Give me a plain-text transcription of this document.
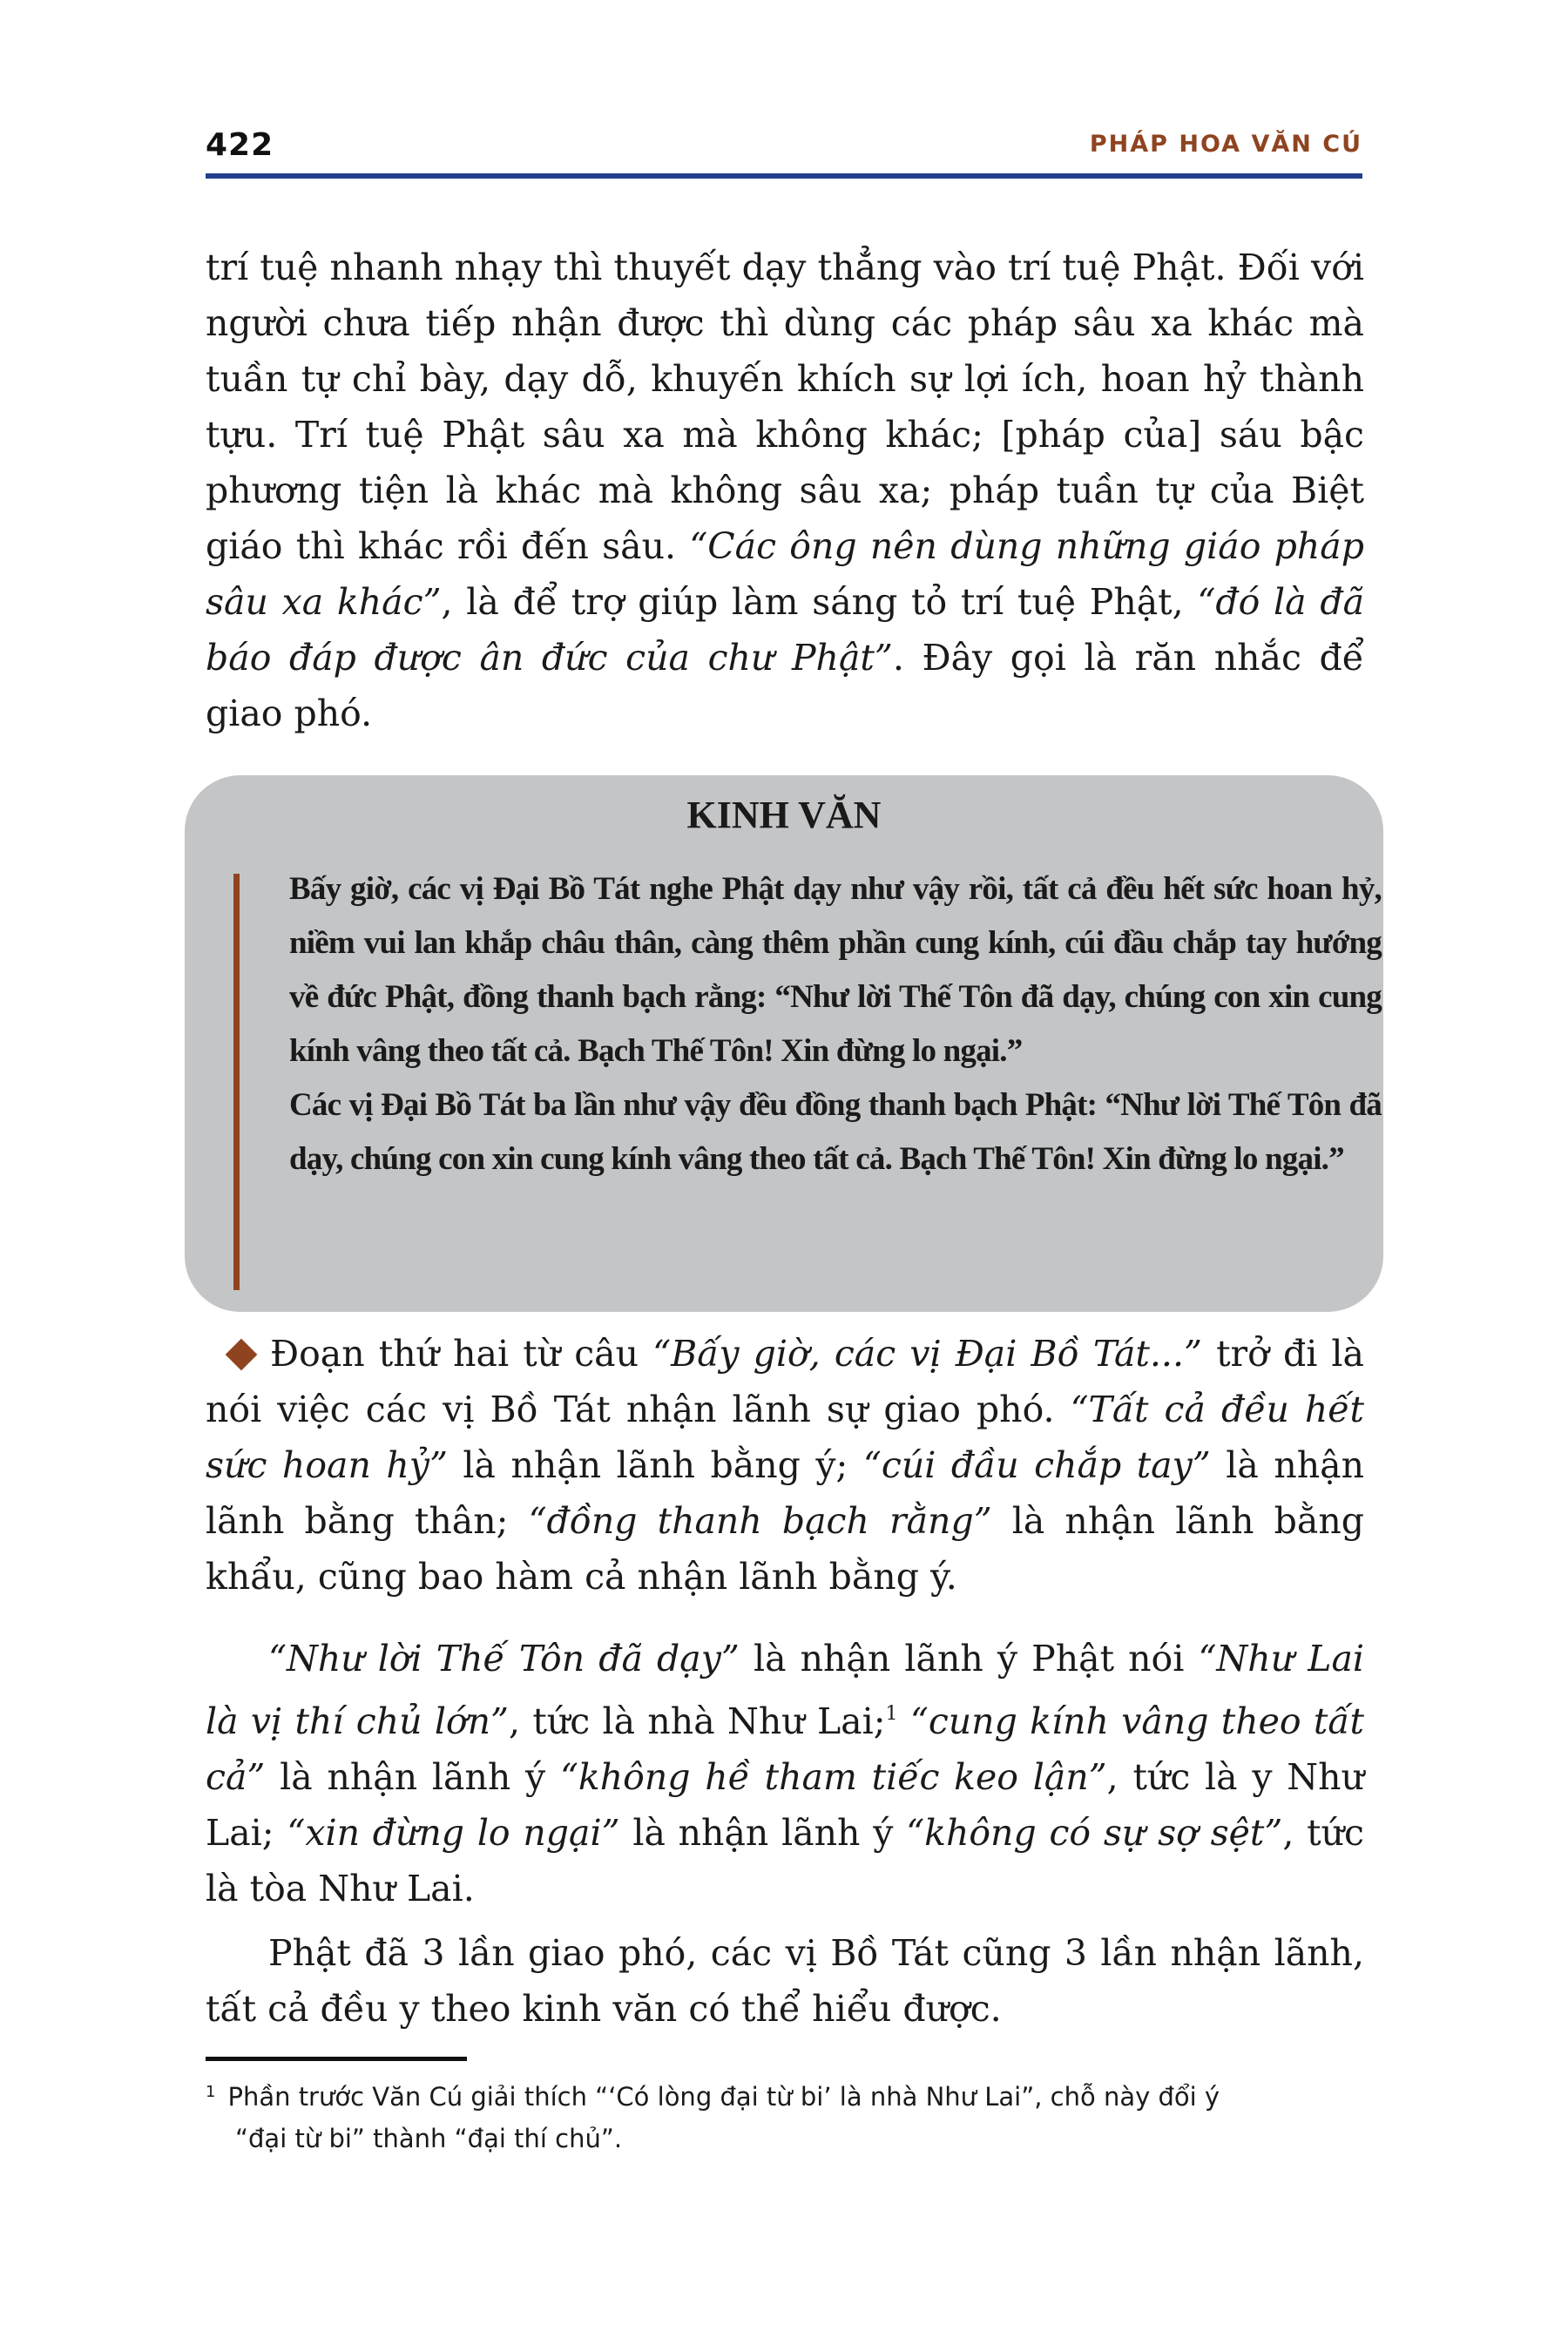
422	PHÁP HOA VĂN CÚ
trí tuệ nhanh nhạy thì thuyết dạy thẳng vào trí tuệ Phật. Đối với người chưa tiếp nhận được thì dùng các pháp sâu xa khác mà tuần tự chỉ bày, dạy dỗ, khuyến khích sự lợi ích, hoan hỷ thành tựu. Trí tuệ Phật sâu xa mà không khác; [pháp của] sáu bậc phương tiện là khác mà không sâu xa; pháp tuần tự của Biệt giáo thì khác rồi đến sâu. “Các ông nên dùng những giáo pháp sâu xa khác”, là để trợ giúp làm sáng tỏ trí tuệ Phật, “đó là đã báo đáp được ân đức của chư Phật”. Đây gọi là răn nhắc để giao phó.
KINH VĂN

Bấy giờ, các vị Đại Bồ Tát nghe Phật dạy như vậy rồi, tất cả đều hết sức hoan hỷ, niềm vui lan khắp châu thân, càng thêm phần cung kính, cúi đầu chắp tay hướng về đức Phật, đồng thanh bạch rằng: “Như lời Thế Tôn đã dạy, chúng con xin cung kính vâng theo tất cả. Bạch Thế Tôn! Xin đừng lo ngại.”

Các vị Đại Bồ Tát ba lần như vậy đều đồng thanh bạch Phật: “Như lời Thế Tôn đã dạy, chúng con xin cung kính vâng theo tất cả. Bạch Thế Tôn! Xin đừng lo ngại.”

Đoạn thứ hai từ câu “Bấy giờ, các vị Đại Bồ Tát...” trở đi là nói việc các vị Bồ Tát nhận lãnh sự giao phó. “Tất cả đều hết sức hoan hỷ” là nhận lãnh bằng ý; “cúi đầu chắp tay” là nhận lãnh bằng thân; “đồng thanh bạch rằng” là nhận lãnh bằng khẩu, cũng bao hàm cả nhận lãnh bằng ý.
“Như lời Thế Tôn đã dạy” là nhận lãnh ý Phật nói “Như Lai là vị thí chủ lớn”, tức là nhà Như Lai;$^1$ “cung kính vâng theo tất cả” là nhận lãnh ý “không hề tham tiếc keo lận”, tức là y Như Lai; “xin đừng lo ngại” là nhận lãnh ý “không có sự sợ sệt”, tức là tòa Như Lai.
Phật đã 3 lần giao phó, các vị Bồ Tát cũng 3 lần nhận lãnh, tất cả đều y theo kinh văn có thể hiểu được.
$^1$ Phần trước Văn Cú giải thích “‘Có lòng đại từ bi’ là nhà Như Lai”, chỗ này đổi ý
“đại từ bi” thành “đại thí chủ”.
